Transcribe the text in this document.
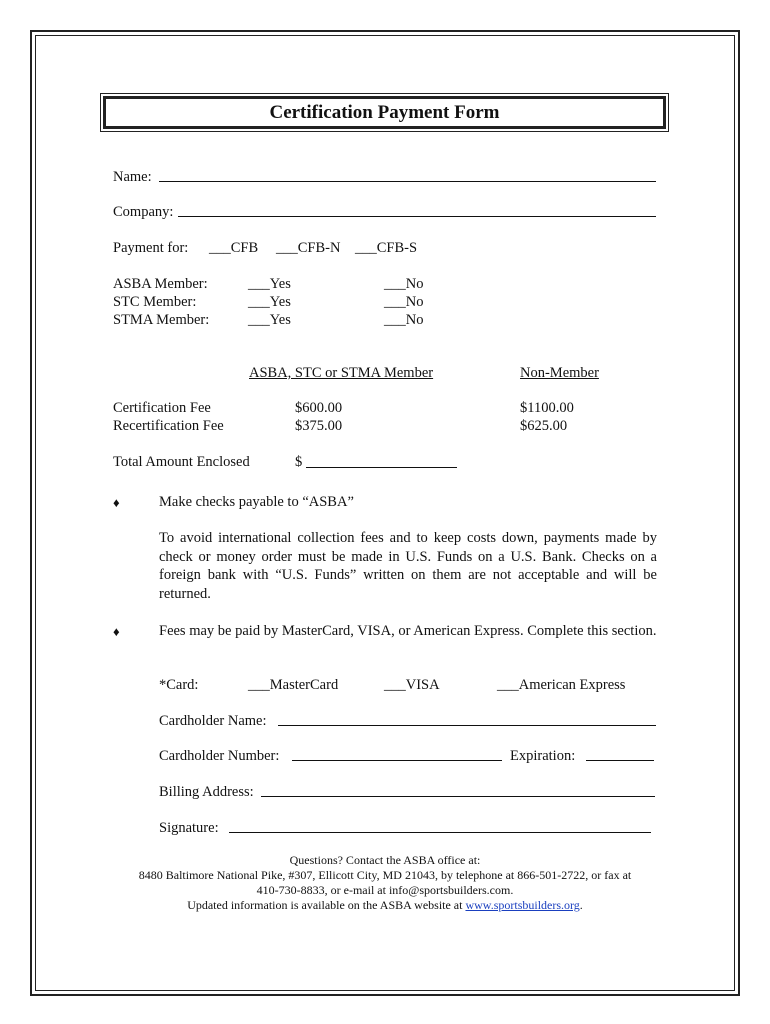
Certification Payment Form
Name:
Company:
Payment for: ___CFB ___CFB-N ___CFB-S
ASBA Member:	___Yes	___No
STC Member:	___Yes	___No
STMA Member:	___Yes	___No
ASBA, STC or STMA Member	Non-Member
Certification Fee	$600.00	$1100.00
Recertification Fee	$375.00	$625.00
Total Amount Enclosed	$
♦	Make checks payable to “ASBA”
To avoid international collection fees and to keep costs down, payments made by check or money order must be made in U.S. Funds on a U.S. Bank. Checks on a foreign bank with “U.S. Funds” written on them are not acceptable and will be returned.
♦	Fees may be paid by MasterCard, VISA, or American Express. Complete this section.
*Card:	___MasterCard	___VISA	___American Express
Cardholder Name:
Cardholder Number:	Expiration:
Billing Address:
Signature:
Questions? Contact the ASBA office at:
8480 Baltimore National Pike, #307, Ellicott City, MD 21043, by telephone at 866-501-2722, or fax at
410-730-8833, or e-mail at info@sportsbuilders.com.
Updated information is available on the ASBA website at www.sportsbuilders.org.
